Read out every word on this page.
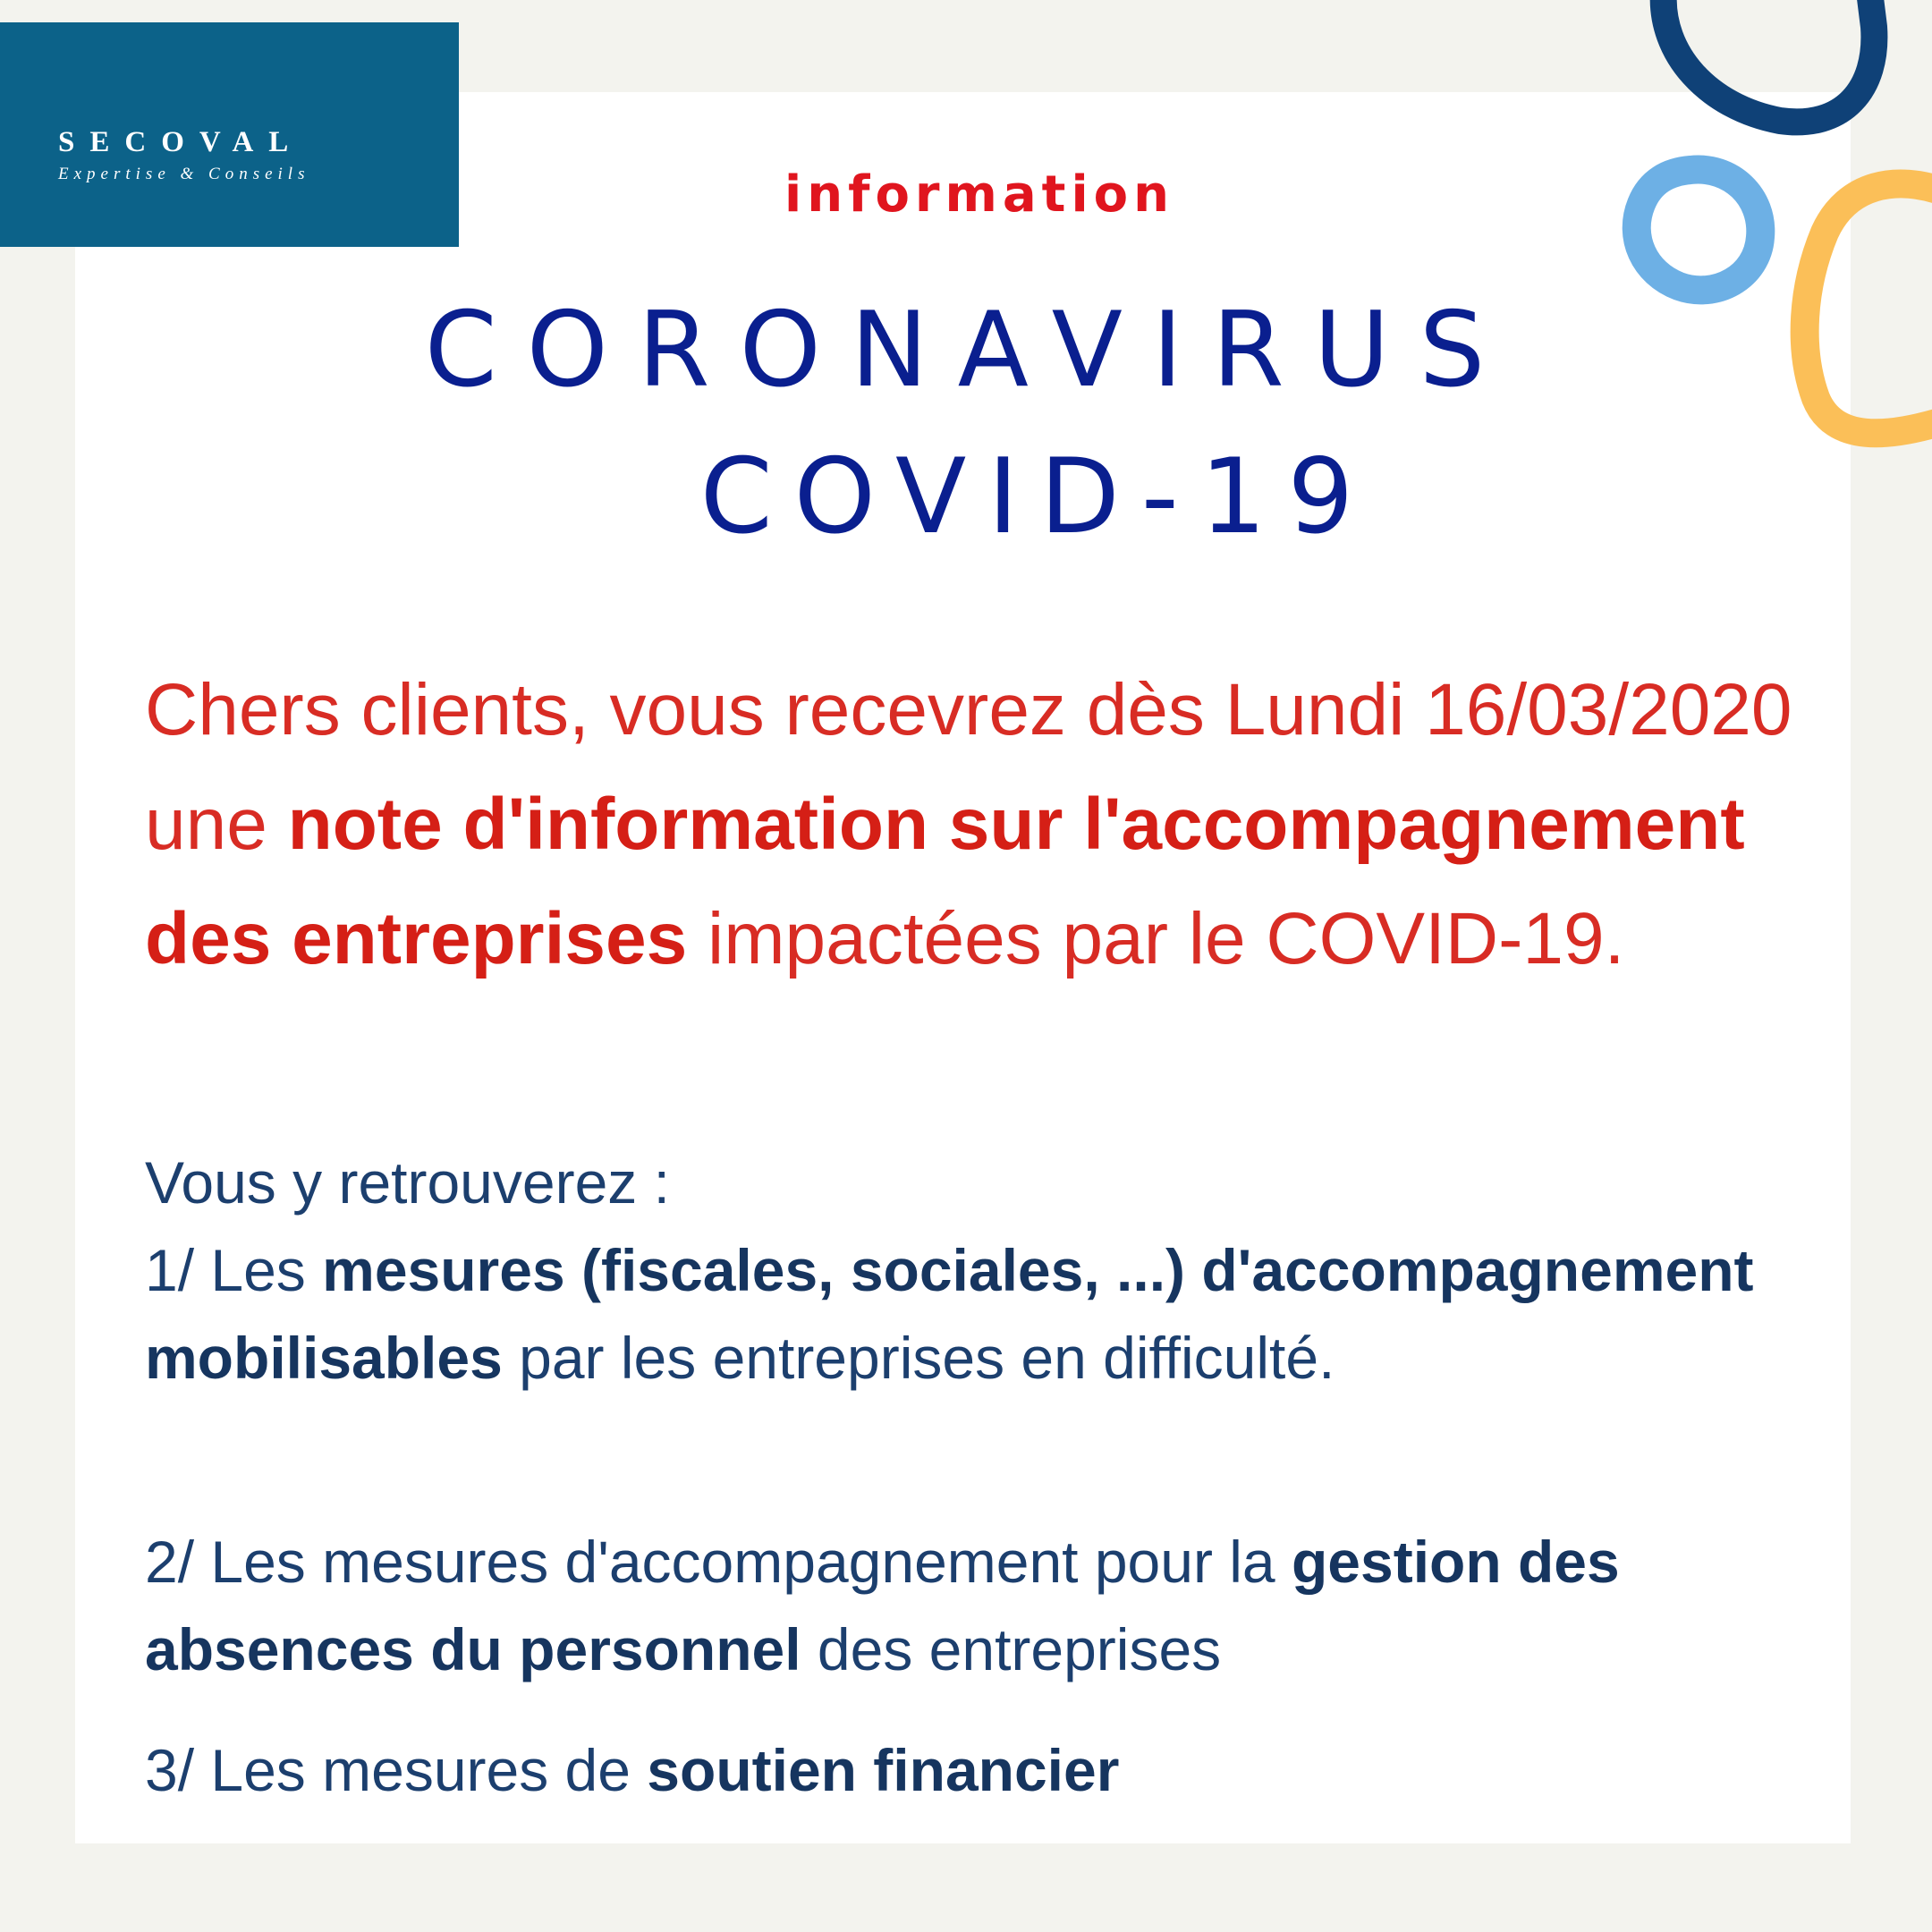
SECOVAL
Expertise & Conseils	information
CORONAVIRUS
COVID-19

Chers clients, vous recevrez dès Lundi 16/03/2020 une note d'information sur l'accompagnement des entreprises impactées par le COVID-19.

Vous y retrouverez :
1/ Les mesures (fiscales, sociales, ...) d'accompagnement mobilisables par les entreprises en difficulté.

2/ Les mesures d'accompagnement pour la gestion des absences du personnel des entreprises

3/ Les mesures de soutien financier
